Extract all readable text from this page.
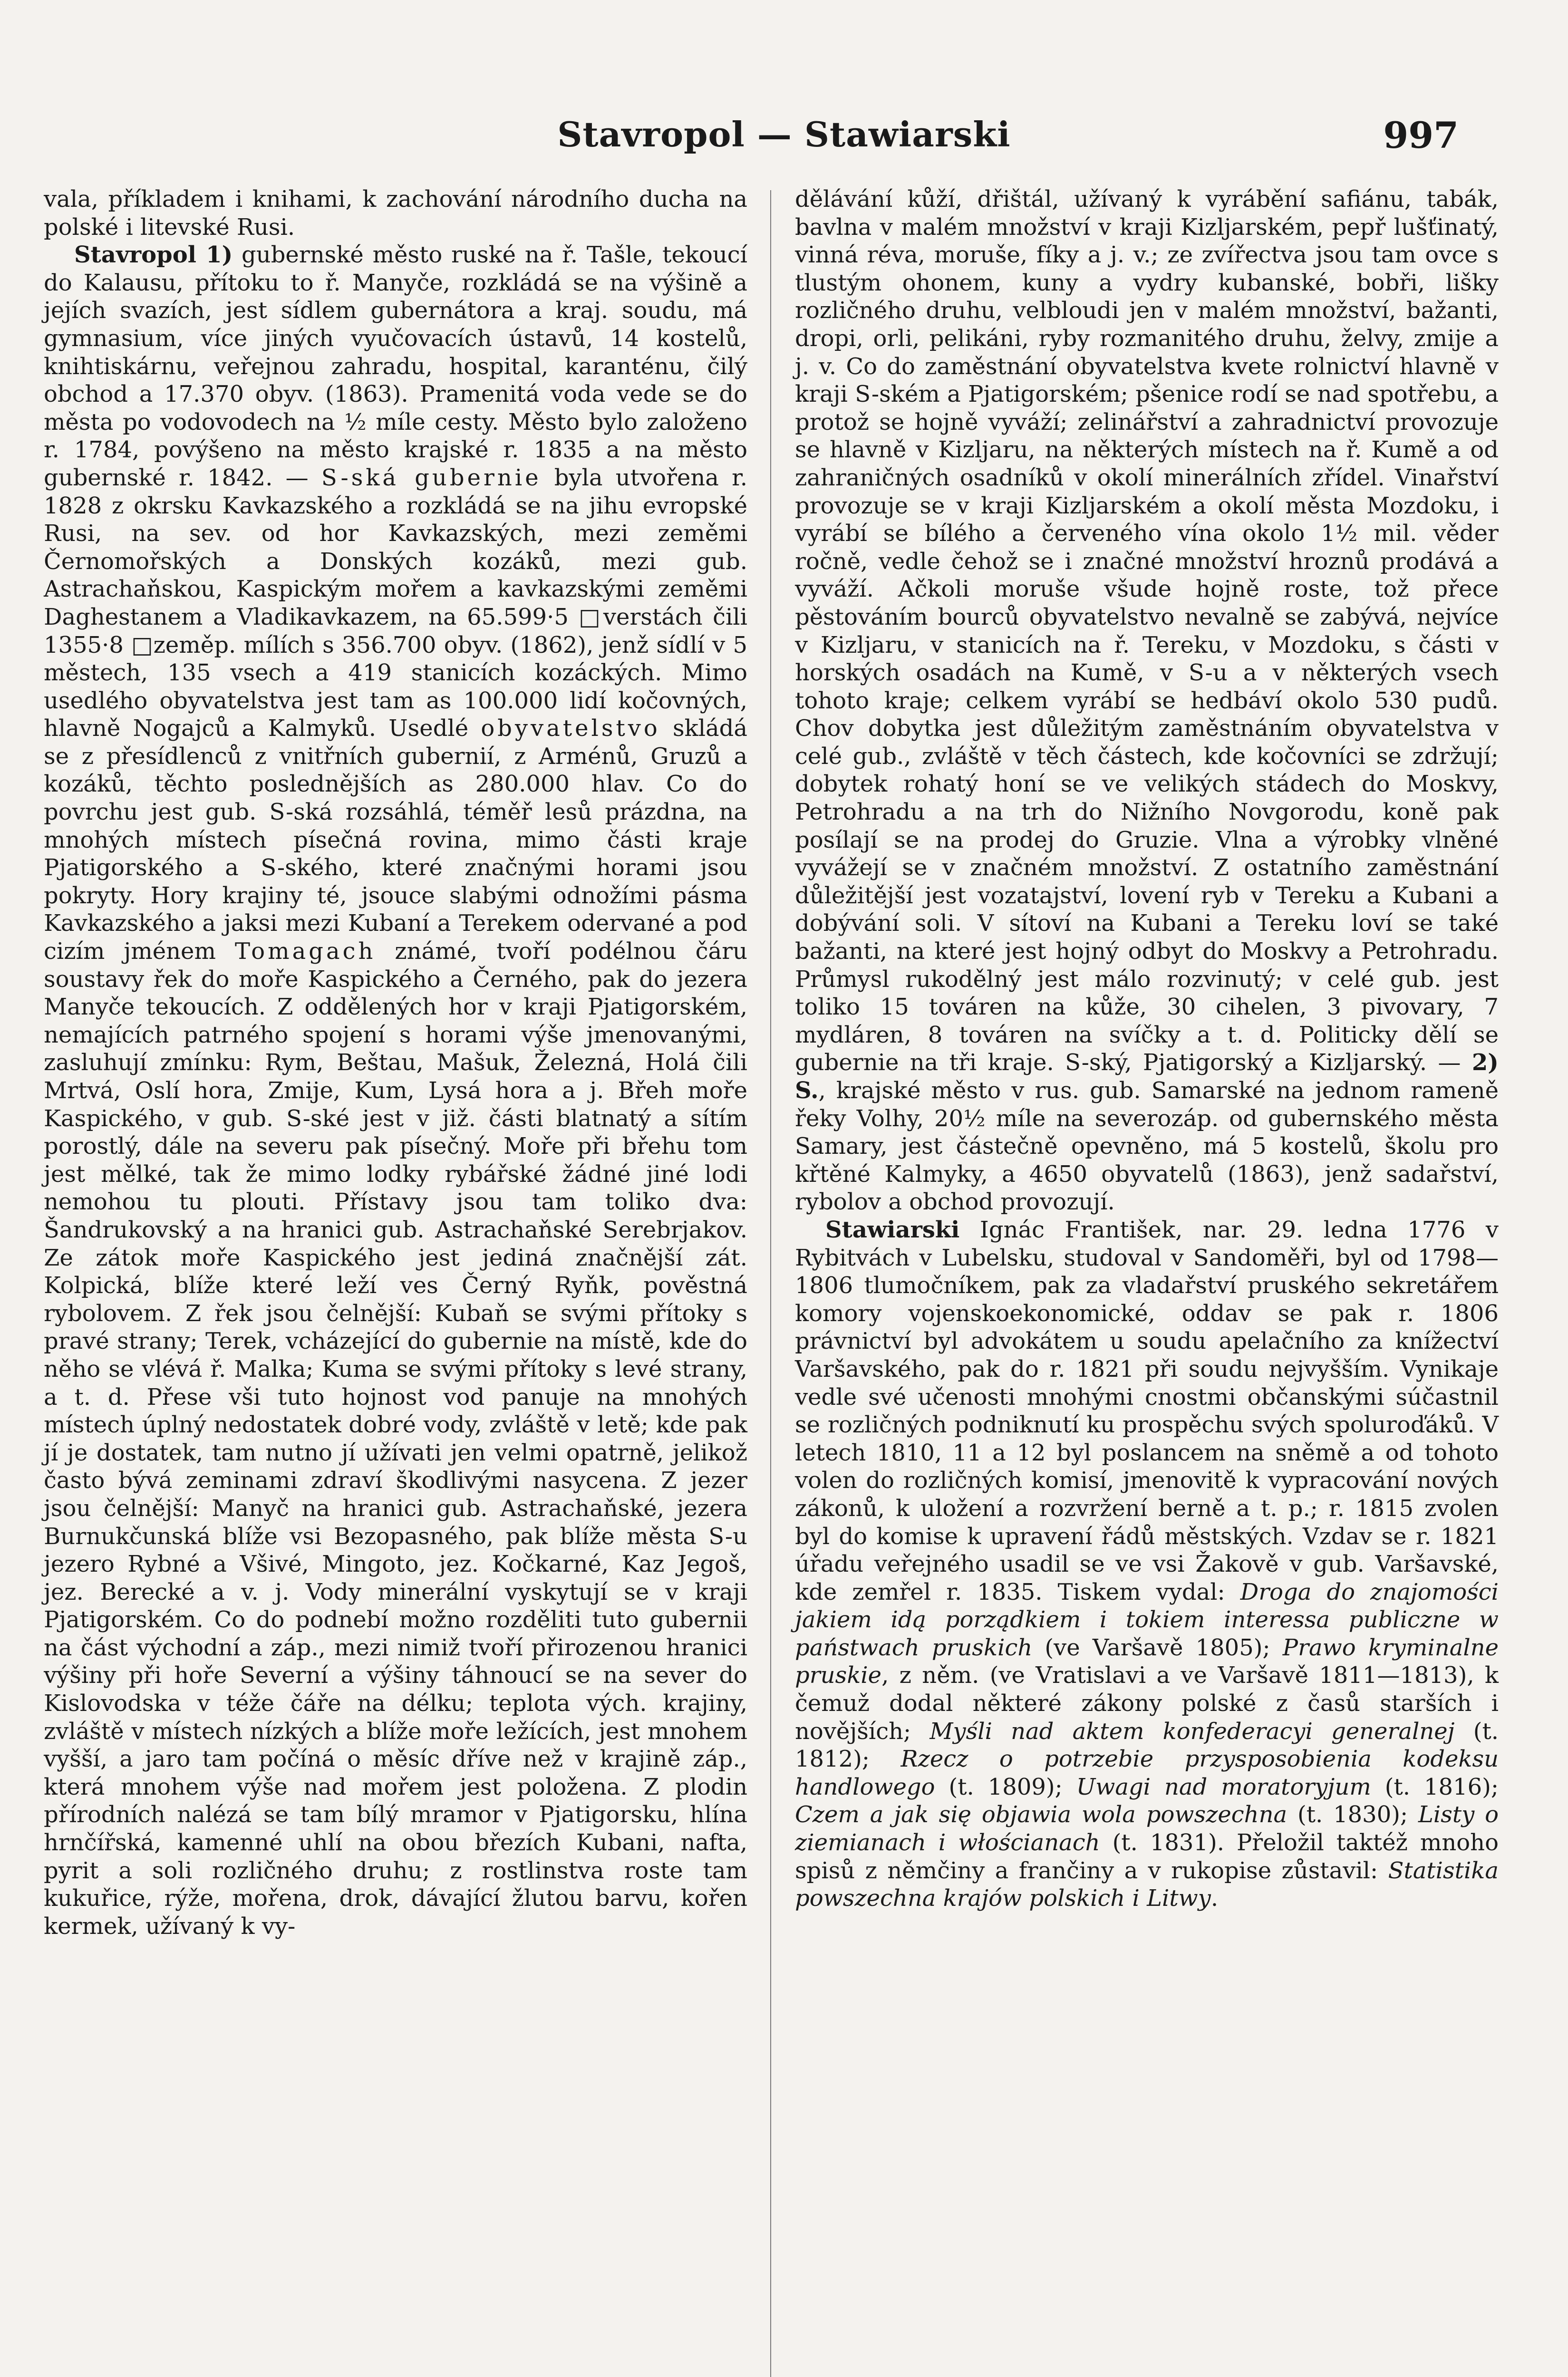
Stavropol — Stawiarski	997

vala, příkladem i knihami, k zachování národního ducha na polské i litevské Rusi.

Stavropol 1) gubernské město ruské na ř. Tašle, tekoucí do Kalausu, přítoku to ř. Manyče, rozkládá se na výšině a jejích svazích, jest sídlem gubernátora a kraj. soudu, má gymnasium, více jiných vyučovacích ústavů, 14 kostelů, knihtiskárnu, veřejnou zahradu, hospital, karanténu, čilý obchod a 17.370 obyv. (1863). Pramenitá voda vede se do města po vodovodech na ½ míle cesty. Město bylo založeno r. 1784, povýšeno na město krajské r. 1835 a na město gubernské r. 1842. — S-ská gubernie byla utvořena r. 1828 z okrsku Kavkazského a rozkládá se na jihu evropské Rusi, na sev. od hor Kavkazských, mezi zeměmi Černomořských a Donských kozáků, mezi gub. Astrachaňskou, Kaspickým mořem a kavkazskými zeměmi Daghestanem a Vladikavkazem, na 65.599·5 □verstách čili 1355·8 □zeměp. mílích s 356.700 obyv. (1862), jenž sídlí v 5 městech, 135 vsech a 419 stanicích kozáckých. Mimo usedlého obyvatelstva jest tam as 100.000 lidí kočovných, hlavně Nogajců a Kalmyků. Usedlé obyvatelstvo skládá se z přesídlenců z vnitřních gubernií, z Arménů, Gruzů a kozáků, těchto poslednějších as 280.000 hlav. Co do povrchu jest gub. S-ská rozsáhlá, téměř lesů prázdna, na mnohých místech písečná rovina, mimo části kraje Pjatigorského a S-ského, které značnými horami jsou pokryty. Hory krajiny té, jsouce slabými odnožími pásma Kavkazského a jaksi mezi Kubaní a Terekem odervané a pod cizím jménem Tomagach známé, tvoří podélnou čáru soustavy řek do moře Kaspického a Černého, pak do jezera Manyče tekoucích. Z oddělených hor v kraji Pjatigorském, nemajících patrného spojení s horami výše jmenovanými, zasluhují zmínku: Rym, Beštau, Mašuk, Železná, Holá čili Mrtvá, Oslí hora, Zmije, Kum, Lysá hora a j. Břeh moře Kaspického, v gub. S-ské jest v již. části blatnatý a sítím porostlý, dále na severu pak písečný. Moře při břehu tom jest mělké, tak že mimo lodky rybářské žádné jiné lodi nemohou tu plouti. Přístavy jsou tam toliko dva: Šandrukovský a na hranici gub. Astrachaňské Serebrjakov. Ze zátok moře Kaspického jest jediná značnější zát. Kolpická, blíže které leží ves Černý Ryňk, pověstná rybolovem. Z řek jsou čelnější: Kubaň se svými přítoky s pravé strany; Terek, vcházející do gubernie na místě, kde do něho se vlévá ř. Malka; Kuma se svými přítoky s levé strany, a t. d. Přese vši tuto hojnost vod panuje na mnohých místech úplný nedostatek dobré vody, zvláště v letě; kde pak jí je dostatek, tam nutno jí užívati jen velmi opatrně, jelikož často bývá zeminami zdraví škodlivými nasycena. Z jezer jsou čelnější: Manyč na hranici gub. Astrachaňské, jezera Burnukčunská blíže vsi Bezopasného, pak blíže města S-u jezero Rybné a Všivé, Mingoto, jez. Kočkarné, Kaz Jegoš, jez. Berecké a v. j. Vody minerální vyskytují se v kraji Pjatigorském. Co do podnebí možno rozděliti tuto gubernii na část východní a záp., mezi nimiž tvoří přirozenou hranici výšiny při hoře Severní a výšiny táhnoucí se na sever do Kislovodska v téže čáře na délku; teplota vých. krajiny, zvláště v místech nízkých a blíže moře ležících, jest mnohem vyšší, a jaro tam počíná o měsíc dříve než v krajině záp., která mnohem výše nad mořem jest položena. Z plodin přírodních nalézá se tam bílý mramor v Pjatigorsku, hlína hrnčířská, kamenné uhlí na obou březích Kubani, nafta, pyrit a soli rozličného druhu; z rostlinstva roste tam kukuřice, rýže, mořena, drok, dávající žlutou barvu, kořen kermek, užívaný k vy-

dělávání kůží, dřištál, užívaný k vyrábění safiánu, tabák, bavlna v malém množství v kraji Kizljarském, pepř lušťinatý, vinná réva, moruše, fíky a j. v.; ze zvířectva jsou tam ovce s tlustým ohonem, kuny a vydry kubanské, bobři, lišky rozličného druhu, velbloudi jen v malém množství, bažanti, dropi, orli, pelikáni, ryby rozmanitého druhu, želvy, zmije a j. v. Co do zaměstnání obyvatelstva kvete rolnictví hlavně v kraji S-ském a Pjatigorském; pšenice rodí se nad spotřebu, a protož se hojně vyváží; zelinářství a zahradnictví provozuje se hlavně v Kizljaru, na některých místech na ř. Kumě a od zahraničných osadníků v okolí minerálních zřídel. Vinařství provozuje se v kraji Kizljarském a okolí města Mozdoku, i vyrábí se bílého a červeného vína okolo 1½ mil. věder ročně, vedle čehož se i značné množství hroznů prodává a vyváží. Ačkoli moruše všude hojně roste, tož přece pěstováním bourců obyvatelstvo nevalně se zabývá, nejvíce v Kizljaru, v stanicích na ř. Tereku, v Mozdoku, s části v horských osadách na Kumě, v S-u a v některých vsech tohoto kraje; celkem vyrábí se hedbáví okolo 530 pudů. Chov dobytka jest důležitým zaměstnáním obyvatelstva v celé gub., zvláště v těch částech, kde kočovníci se zdržují; dobytek rohatý honí se ve velikých stádech do Moskvy, Petrohradu a na trh do Nižního Novgorodu, koně pak posílají se na prodej do Gruzie. Vlna a výrobky vlněné vyvážejí se v značném množství. Z ostatního zaměstnání důležitější jest vozatajství, lovení ryb v Tereku a Kubani a dobývání soli. V sítoví na Kubani a Tereku loví se také bažanti, na které jest hojný odbyt do Moskvy a Petrohradu. Průmysl rukodělný jest málo rozvinutý; v celé gub. jest toliko 15 továren na kůže, 30 cihelen, 3 pivovary, 7 mydláren, 8 továren na svíčky a t. d. Politicky dělí se gubernie na tři kraje. S-ský, Pjatigorský a Kizljarský. — 2) S., krajské město v rus. gub. Samarské na jednom rameně řeky Volhy, 20½ míle na severozáp. od gubernského města Samary, jest částečně opevněno, má 5 kostelů, školu pro křtěné Kalmyky, a 4650 obyvatelů (1863), jenž sadařství, rybolov a obchod provozují.

Stawiarski Ignác František, nar. 29. ledna 1776 v Rybitvách v Lubelsku, studoval v Sandoměři, byl od 1798—1806 tlumočníkem, pak za vladařství pruského sekretářem komory vojenskoekonomické, oddav se pak r. 1806 právnictví byl advokátem u soudu apelačního za knížectví Varšavského, pak do r. 1821 při soudu nejvyšším. Vynikaje vedle své učenosti mnohými cnostmi občanskými súčastnil se rozličných podniknutí ku prospěchu svých spoluroďáků. V letech 1810, 11 a 12 byl poslancem na sněmě a od tohoto volen do rozličných komisí, jmenovitě k vypracování nových zákonů, k uložení a rozvržení berně a t. p.; r. 1815 zvolen byl do komise k upravení řádů městských. Vzdav se r. 1821 úřadu veřejného usadil se ve vsi Žakově v gub. Varšavské, kde zemřel r. 1835. Tiskem vydal: Droga do znajomości jakiem idą porządkiem i tokiem interessa publiczne w państwach pruskich (ve Varšavě 1805); Prawo kryminalne pruskie, z něm. (ve Vratislavi a ve Varšavě 1811—1813), k čemuž dodal některé zákony polské z časů starších i novějších; Myśli nad aktem konfederacyi generalnej (t. 1812); Rzecz o potrzebie przysposobienia kodeksu handlowego (t. 1809); Uwagi nad moratoryjum (t. 1816); Czem a jak się objawia wola powszechna (t. 1830); Listy o ziemianach i włościanach (t. 1831). Přeložil taktéž mnoho spisů z němčiny a frančiny a v rukopise zůstavil: Statistika powszechna krajów polskich i Litwy.
